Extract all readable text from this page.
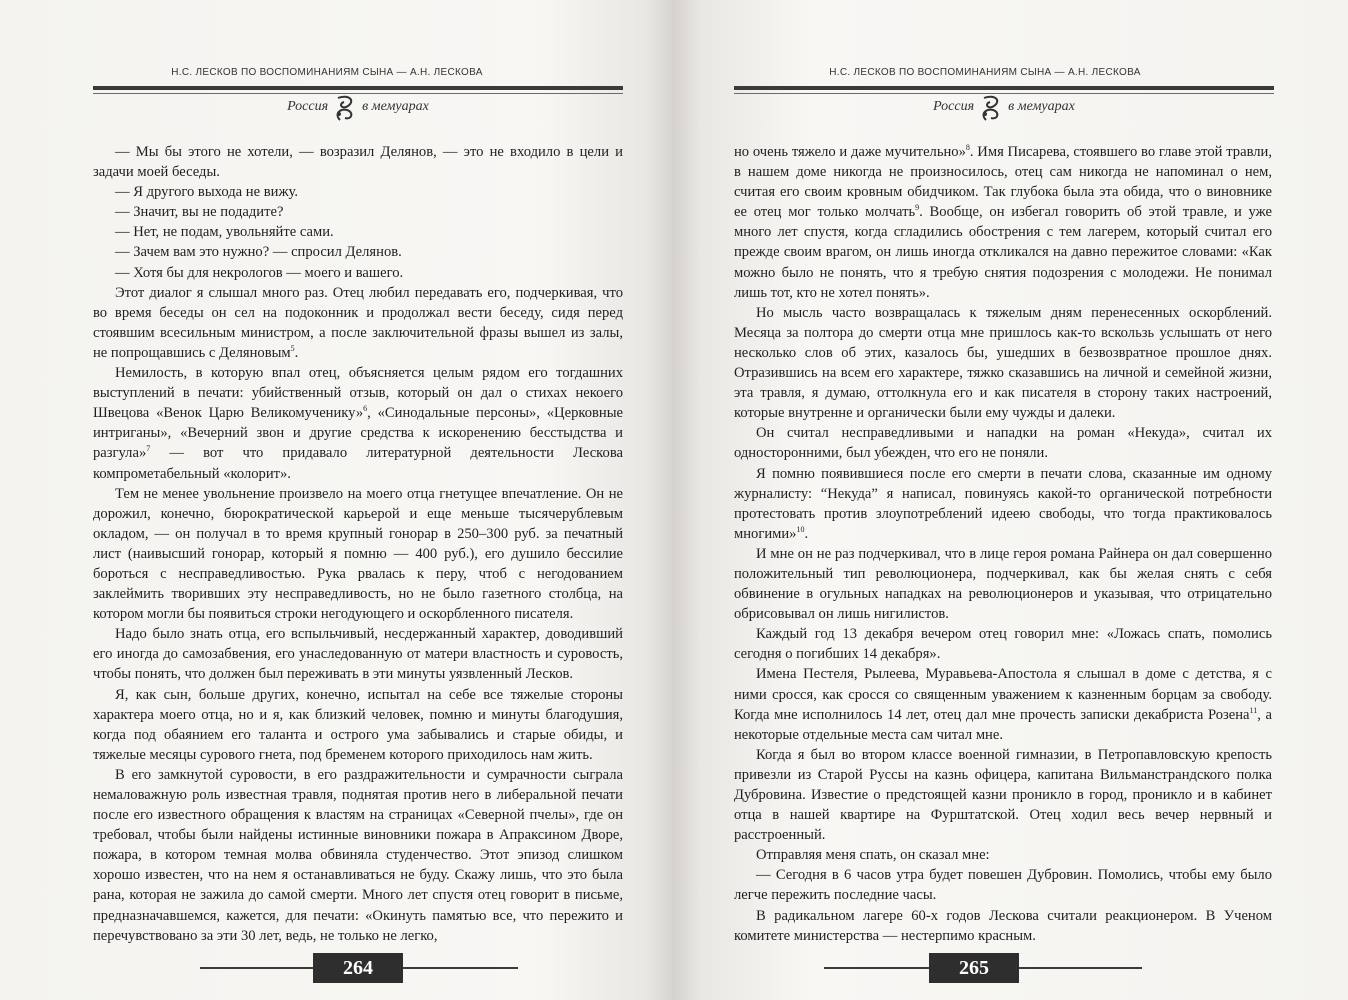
Н.С. ЛЕСКОВ ПО ВОСПОМИНАНИЯМ СЫНА — А.Н. ЛЕСКОВА
Россия в мемуарах

— Мы бы этого не хотели, — возразил Делянов, — это не входило в цели и задачи моей беседы.

— Я другого выхода не вижу.

— Значит, вы не подадите?

— Нет, не подам, увольняйте сами.

— Зачем вам это нужно? — спросил Делянов.

— Хотя бы для некрологов — моего и вашего.

Этот диалог я слышал много раз. Отец любил передавать его, подчеркивая, что во время беседы он сел на подоконник и продолжал вести беседу, сидя перед стоявшим всесильным министром, а после заключительной фразы вышел из залы, не попрощавшись с Деляновым$^5$.

Немилость, в которую впал отец, объясняется целым рядом его тогдашних выступлений в печати: убийственный отзыв, который он дал о стихах некоего Швецова «Венок Царю Великомученику»$^6$, «Синодальные персоны», «Церковные интриганы», «Вечерний звон и другие средства к искоренению бесстыдства и разгула»$^7$ — вот что придавало литературной деятельности Лескова компрометабельный «колорит».

Тем не менее увольнение произвело на моего отца гнетущее впечатление. Он не дорожил, конечно, бюрократической карьерой и еще меньше тысячерублевым окладом, — он получал в то время крупный гонорар в 250–300 руб. за печатный лист (наивысший гонорар, который я помню — 400 руб.), его душило бессилие бороться с несправедливостью. Рука рвалась к перу, чтоб с негодованием заклеймить творивших эту несправедливость, но не было газетного столбца, на котором могли бы появиться строки негодующего и оскорбленного писателя.

Надо было знать отца, его вспыльчивый, несдержанный характер, доводивший его иногда до самозабвения, его унаследованную от матери властность и суровость, чтобы понять, что должен был переживать в эти минуты уязвленный Лесков.

Я, как сын, больше других, конечно, испытал на себе все тяжелые стороны характера моего отца, но и я, как близкий человек, помню и минуты благодушия, когда под обаянием его таланта и острого ума забывались и старые обиды, и тяжелые месяцы сурового гнета, под бременем которого приходилось нам жить.

В его замкнутой суровости, в его раздражительности и сумрачности сыграла немаловажную роль известная травля, поднятая против него в либеральной печати после его известного обращения к властям на страницах «Северной пчелы», где он требовал, чтобы были найдены истинные виновники пожара в Апраксином Дворе, пожара, в котором темная молва обвиняла студенчество. Этот эпизод слишком хорошо известен, что на нем я останавливаться не буду. Скажу лишь, что это была рана, которая не зажила до самой смерти. Много лет спустя отец говорит в письме, предназначавшемся, кажется, для печати: «Окинуть памятью все, что пережито и перечувствовано за эти 30 лет, ведь, не только не легко,

264
Н.С. ЛЕСКОВ ПО ВОСПОМИНАНИЯМ СЫНА — А.Н. ЛЕСКОВА
Россия в мемуарах

но очень тяжело и даже мучительно»$^8$. Имя Писарева, стоявшего во главе этой травли, в нашем доме никогда не произносилось, отец сам никогда не напоминал о нем, считая его своим кровным обидчиком. Так глубока была эта обида, что о виновнике ее отец мог только молчать$^9$. Вообще, он избегал говорить об этой травле, и уже много лет спустя, когда сгладились обострения с тем лагерем, который считал его прежде своим врагом, он лишь иногда откликался на давно пережитое словами: «Как можно было не понять, что я требую снятия подозрения с молодежи. Не понимал лишь тот, кто не хотел понять».

Но мысль часто возвращалась к тяжелым дням перенесенных оскорблений. Месяца за полтора до смерти отца мне пришлось как-то вскользь услышать от него несколько слов об этих, казалось бы, ушедших в безвозвратное прошлое днях. Отразившись на всем его характере, тяжко сказавшись на личной и семейной жизни, эта травля, я думаю, оттолкнула его и как писателя в сторону таких настроений, которые внутренне и органически были ему чужды и далеки.

Он считал несправедливыми и нападки на роман «Некуда», считал их односторонними, был убежден, что его не поняли.

Я помню появившиеся после его смерти в печати слова, сказанные им одному журналисту: “Некуда” я написал, повинуясь какой-то органической потребности протестовать против злоупотреблений идеею свободы, что тогда практиковалось многими»$^{10}$.

И мне он не раз подчеркивал, что в лице героя романа Райнера он дал совершенно положительный тип революционера, подчеркивал, как бы желая снять с себя обвинение в огульных нападках на революционеров и указывая, что отрицательно обрисовывал он лишь нигилистов.

Каждый год 13 декабря вечером отец говорил мне: «Ложась спать, помолись сегодня о погибших 14 декабря».

Имена Пестеля, Рылеева, Муравьева-Апостола я слышал в доме с детства, я с ними сросся, как сросся со священным уважением к казненным борцам за свободу. Когда мне исполнилось 14 лет, отец дал мне прочесть записки декабриста Розена$^{11}$, а некоторые отдельные места сам читал мне.

Когда я был во втором классе военной гимназии, в Петропавловскую крепость привезли из Старой Руссы на казнь офицера, капитана Вильманстрандского полка Дубровина. Известие о предстоящей казни проникло в город, проникло и в кабинет отца в нашей квартире на Фурштатской. Отец ходил весь вечер нервный и расстроенный.

Отправляя меня спать, он сказал мне:

— Сегодня в 6 часов утра будет повешен Дубровин. Помолись, чтобы ему было легче пережить последние часы.

В радикальном лагере 60-х годов Лескова считали реакционером. В Ученом комитете министерства — нестерпимо красным.

265
